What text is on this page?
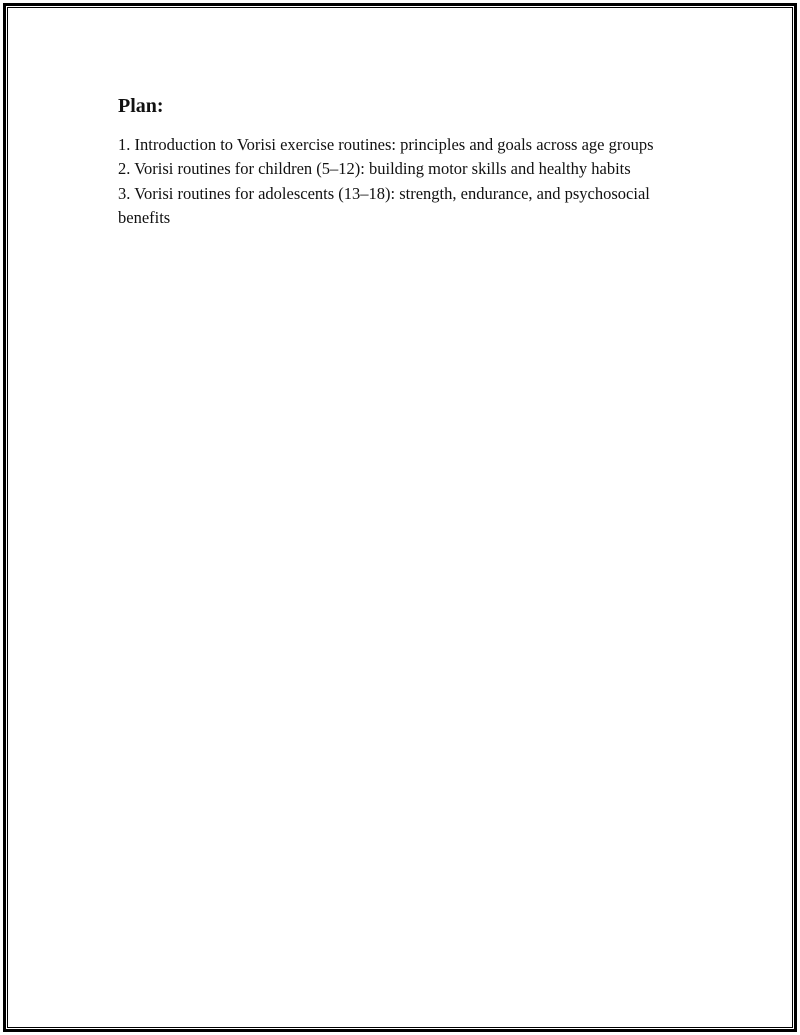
Plan:
1. Introduction to Vorisi exercise routines: principles and goals across age groups
2. Vorisi routines for children (5–12): building motor skills and healthy habits
3. Vorisi routines for adolescents (13–18): strength, endurance, and psychosocial benefits
